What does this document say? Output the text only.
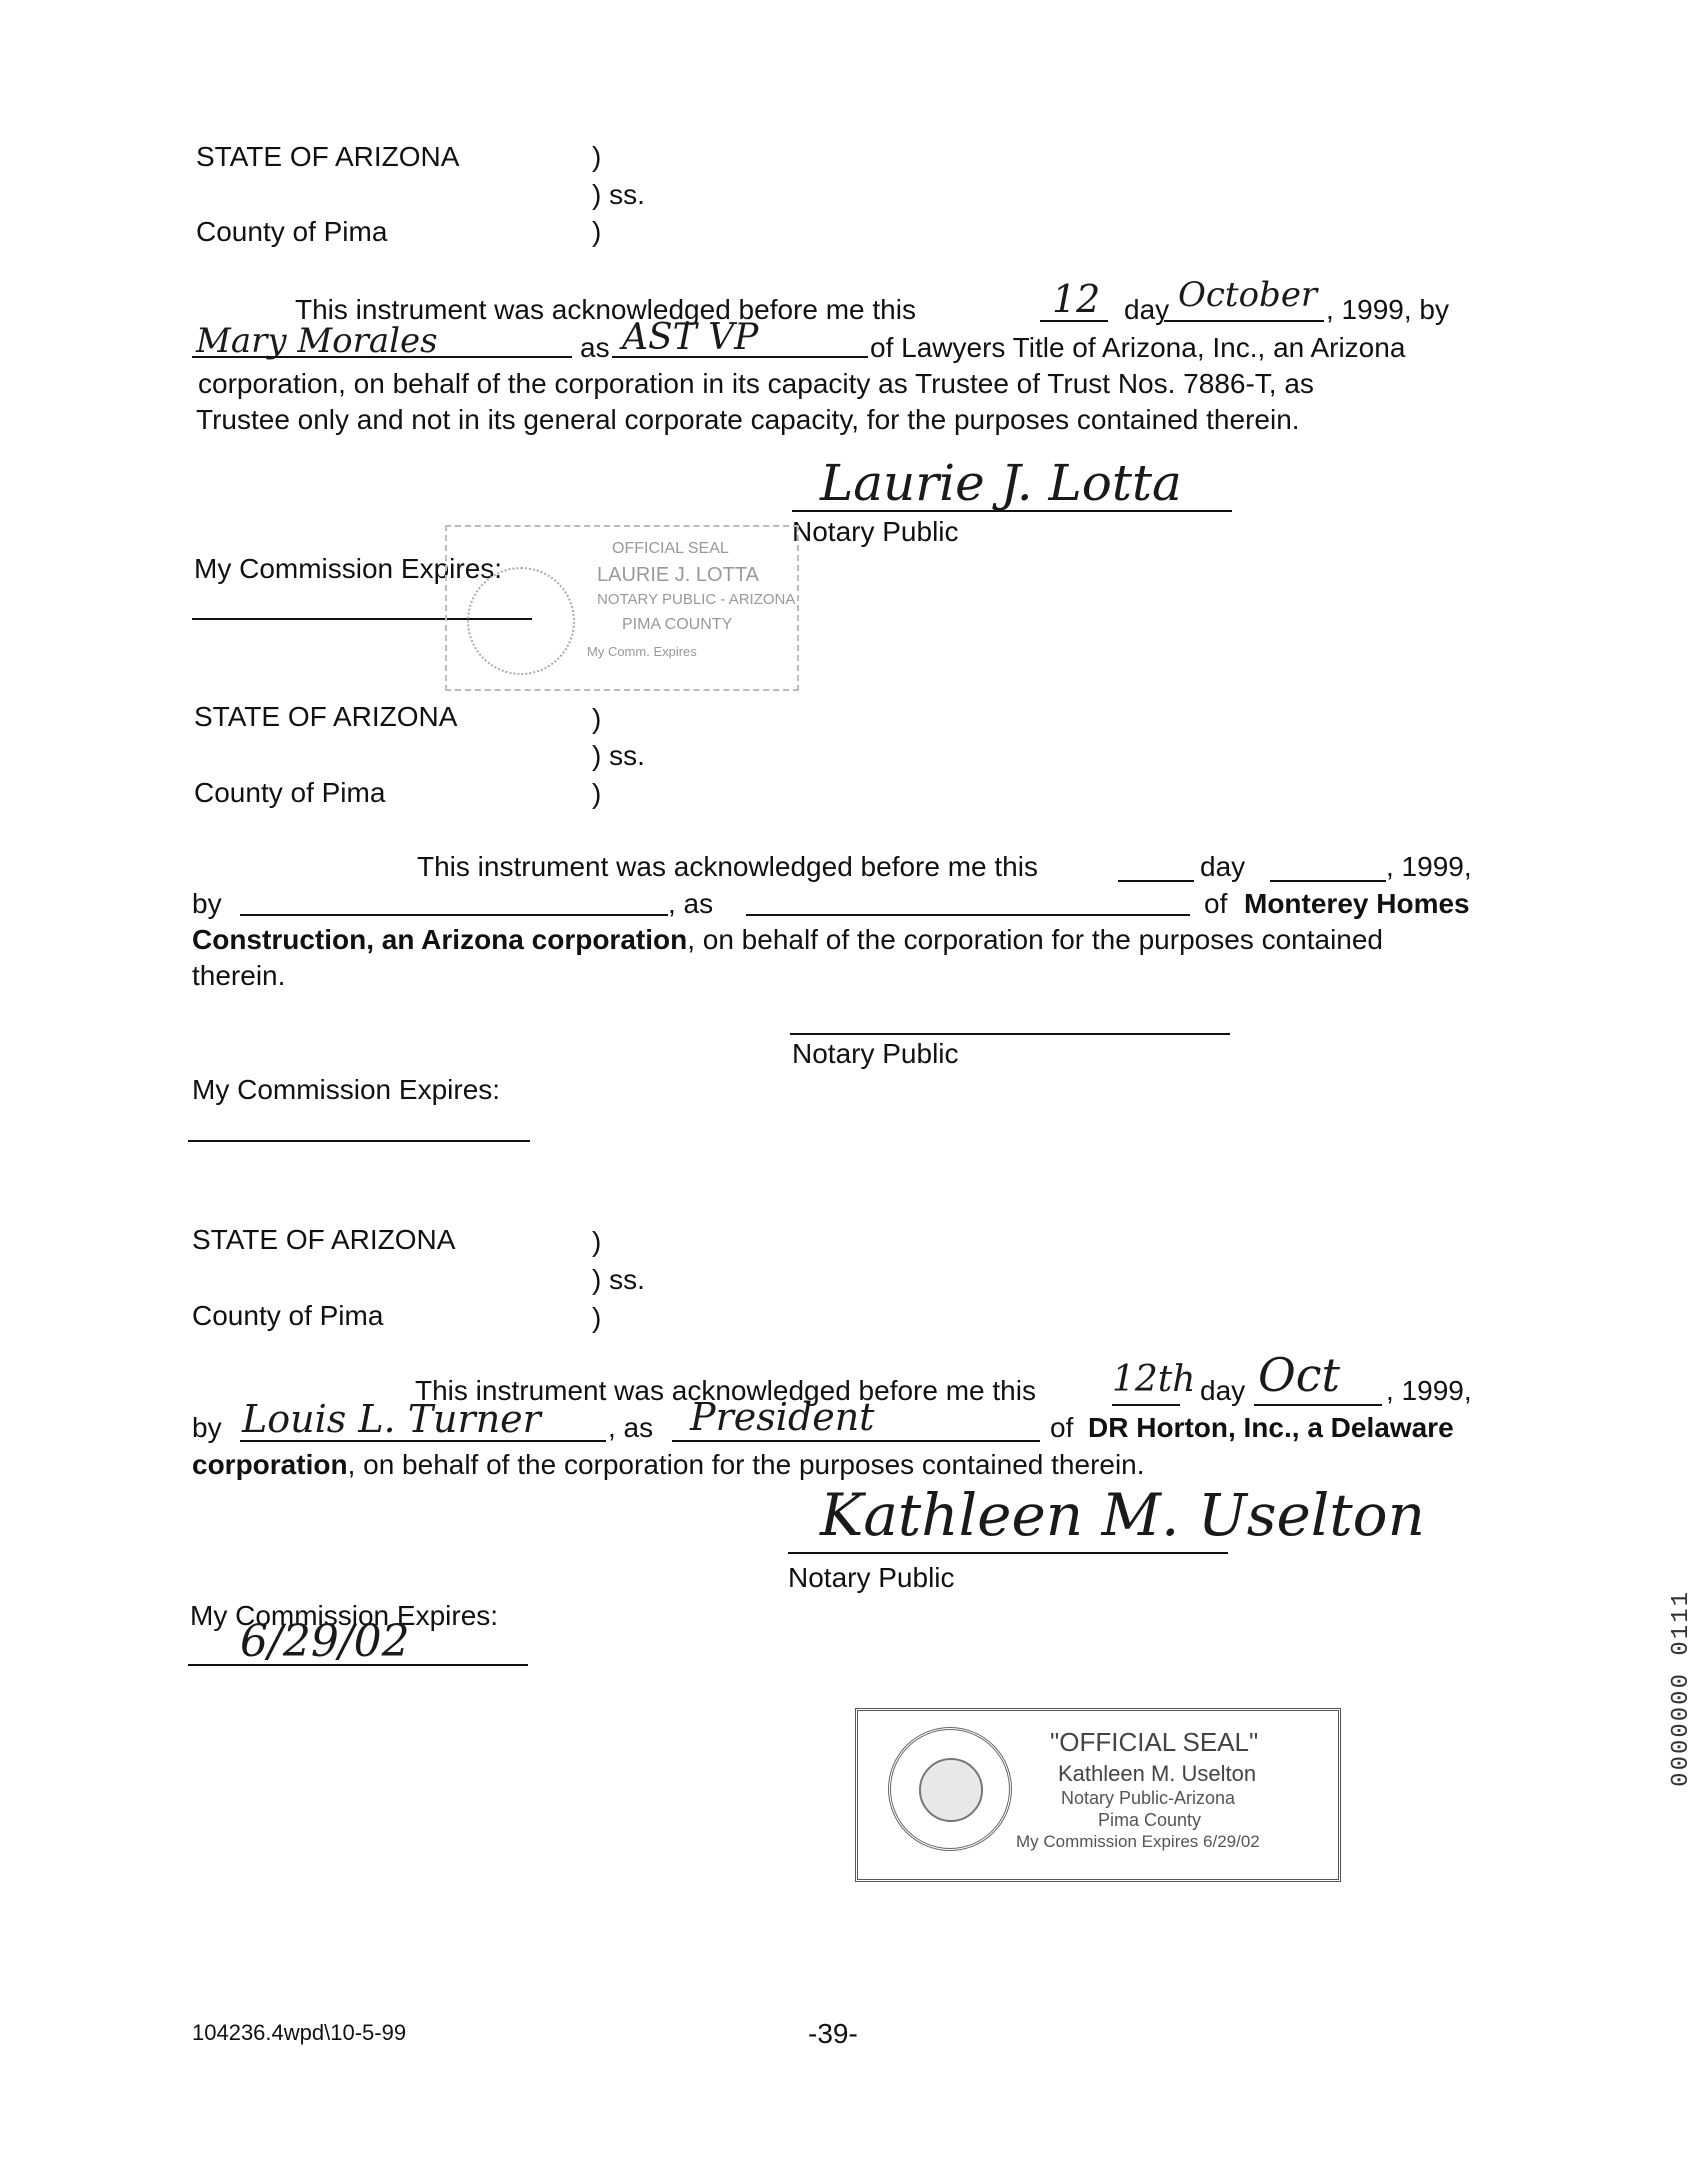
STATE OF ARIZONA	)
) ss.
County of Pima	)
This instrument was acknowledged before me this	12 day October , 1999, by
Mary Morales	as AST VP	of Lawyers Title of Arizona, Inc., an Arizona
corporation, on behalf of the corporation in its capacity as Trustee of Trust Nos. 7886-T, as
Trustee only and not in its general corporate capacity, for the purposes contained therein.
Laurie J. Lotta
Notary Public
My Commission Expires:
OFFICIAL SEAL
LAURIE J. LOTTA
NOTARY PUBLIC - ARIZONA
PIMA COUNTY
My Comm. Expires
STATE OF ARIZONA	)
) ss.
County of Pima	)
This instrument was acknowledged before me this	day	, 1999,
by	, as	of Monterey Homes
Construction, an Arizona corporation, on behalf of the corporation for the purposes contained
therein.
Notary Public
My Commission Expires:
STATE OF ARIZONA	)
) ss.
County of Pima	)
This instrument was acknowledged before me this 12th day Oct , 1999,
by Louis L. Turner , as President	of DR Horton, Inc., a Delaware
corporation, on behalf of the corporation for the purposes contained therein.
Kathleen M. Uselton
Notary Public
My Commission Expires:
6/29/02
"OFFICIAL SEAL"
Kathleen M. Uselton
Notary Public-Arizona
Pima County
My Commission Expires 6/29/02
0000000 0111
104236.4wpd\10-5-99	-39-
